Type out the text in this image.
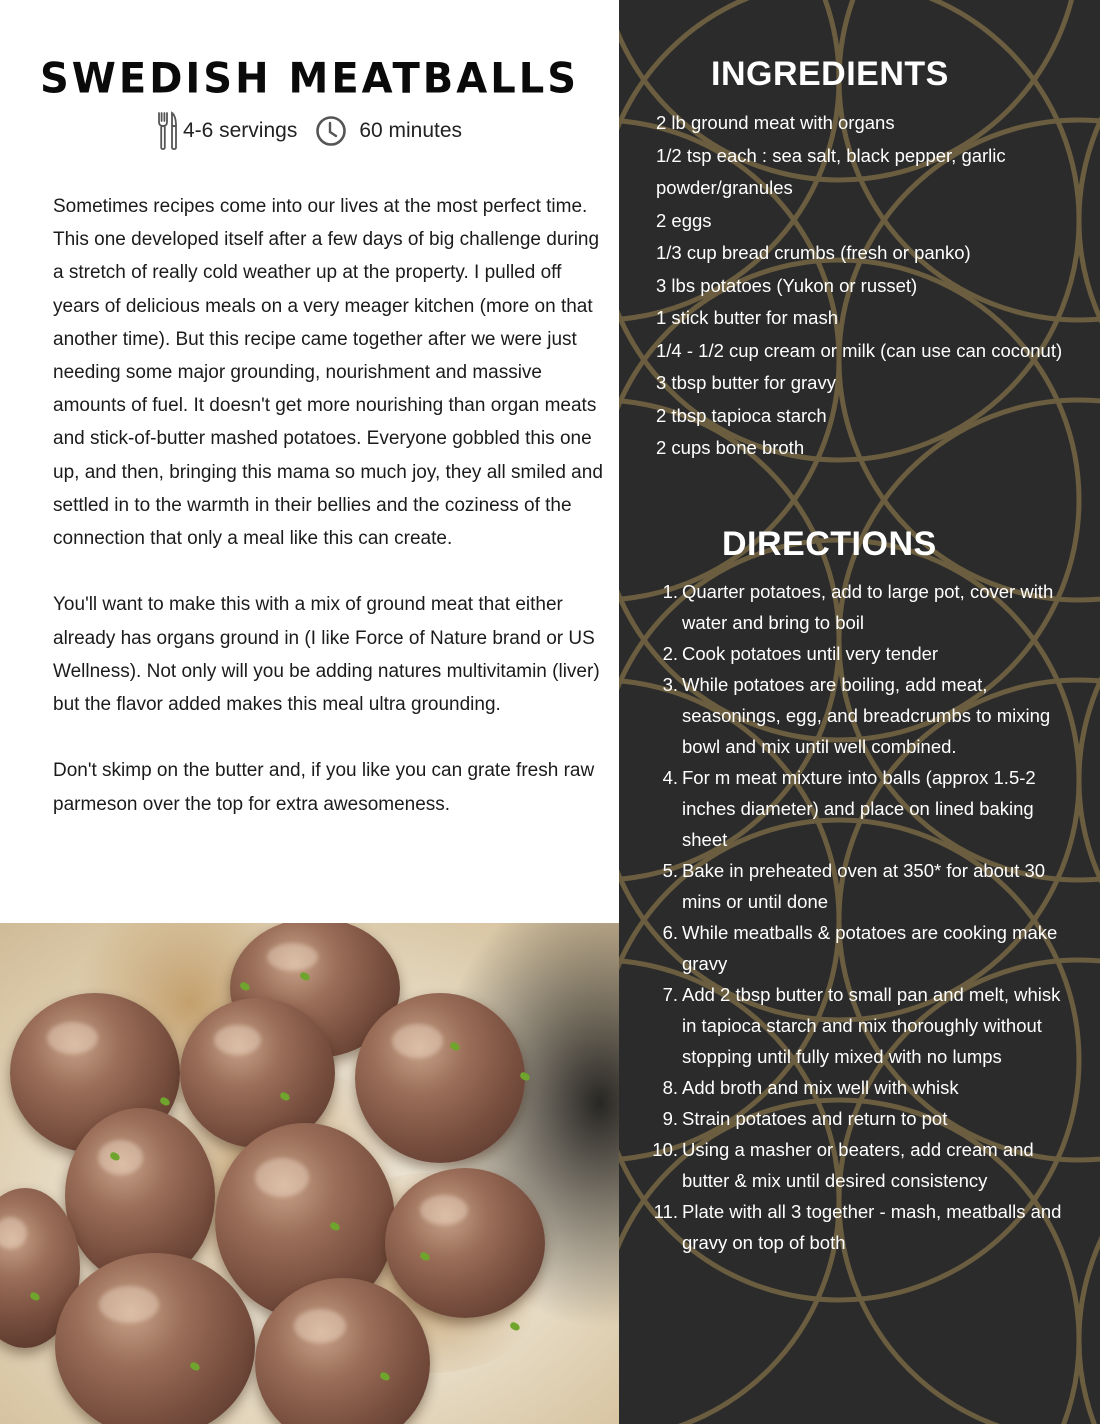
SWEDISH MEATBALLS
4-6 servings	60 minutes

Sometimes recipes come into our lives at the most perfect time. This one developed itself after a few days of big challenge during a stretch of really cold weather up at the property. I pulled off years of delicious meals on a very meager kitchen (more on that another time). But this recipe came together after we were just needing some major grounding, nourishment and massive amounts of fuel. It doesn't get more nourishing than organ meats and stick-of-butter mashed potatoes. Everyone gobbled this one up, and then, bringing this mama so much joy, they all smiled and settled in to the warmth in their bellies and the coziness of the connection that only a meal like this can create.

You'll want to make this with a mix of ground meat that either already has organs ground in (I like Force of Nature brand or US Wellness). Not only will you be adding natures multivitamin (liver) but the flavor added makes this meal ultra grounding.

Don't skimp on the butter and, if you like you can grate fresh raw parmeson over the top for extra awesomeness.

INGREDIENTS
2 lb ground meat with organs
1/2 tsp each : sea salt, black pepper, garlic powder/granules
2 eggs
1/3 cup bread crumbs (fresh or panko)
3 lbs potatoes (Yukon or russet)
1 stick butter for mash
1/4 - 1/2 cup cream or milk (can use can coconut)
3 tbsp butter for gravy
2 tbsp tapioca starch
2 cups bone broth
DIRECTIONS
1. Quarter potatoes, add to large pot, cover with water and bring to boil
2. Cook potatoes until very tender
3. While potatoes are boiling, add meat, seasonings, egg, and breadcrumbs to mixing bowl and mix until well combined.
4. For m meat mixture into balls (approx 1.5-2 inches diameter) and place on lined baking sheet
5. Bake in preheated oven at 350* for about 30 mins or until done
6. While meatballs & potatoes are cooking make gravy
7. Add 2 tbsp butter to small pan and melt, whisk in tapioca starch and mix thoroughly without stopping until fully mixed with no lumps
8. Add broth and mix well with whisk
9. Strain potatoes and return to pot
10. Using a masher or beaters, add cream and butter & mix until desired consistency
11. Plate with all 3 together - mash, meatballs and gravy on top of both
